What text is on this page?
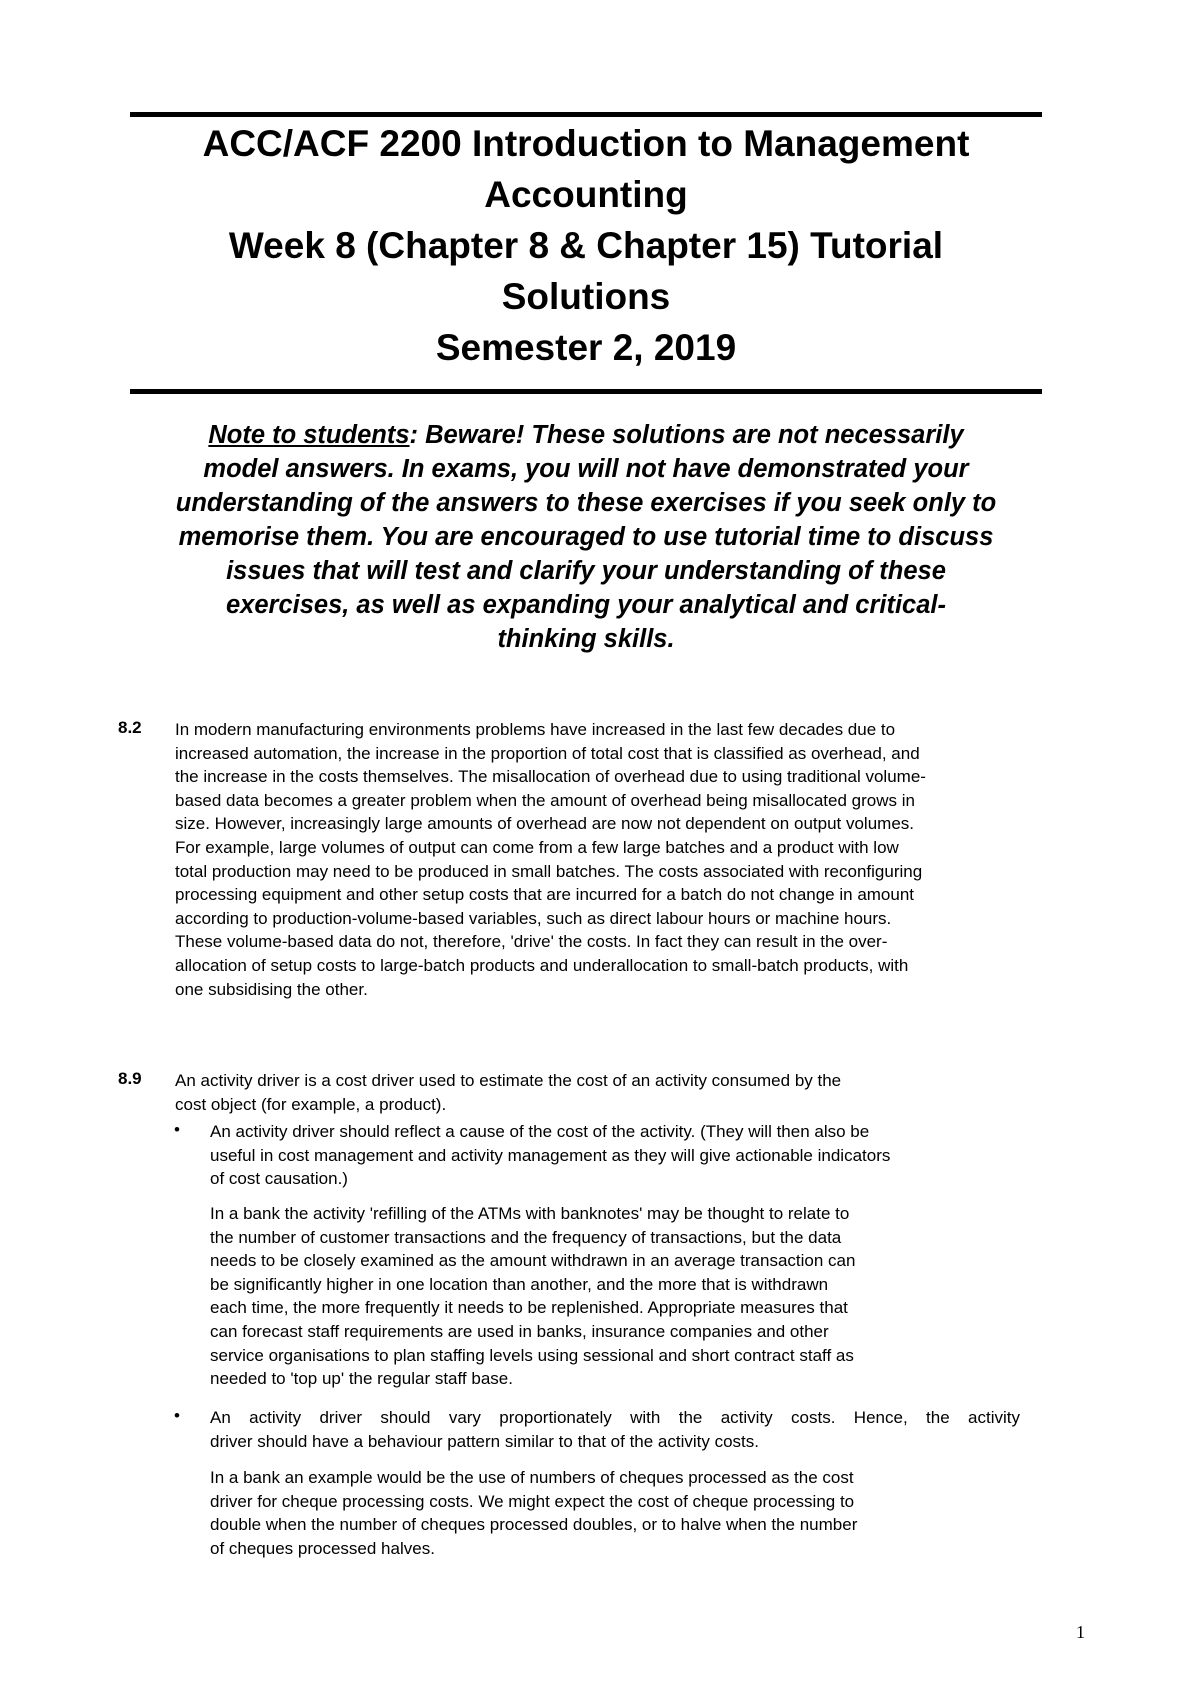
ACC/ACF 2200 Introduction to Management
Accounting
Week 8 (Chapter 8 & Chapter 15) Tutorial
Solutions
Semester 2, 2019
Note to students: Beware! These solutions are not necessarily
model answers. In exams, you will not have demonstrated your
understanding of the answers to these exercises if you seek only to
memorise them. You are encouraged to use tutorial time to discuss
issues that will test and clarify your understanding of these
exercises, as well as expanding your analytical and critical-
thinking skills.
8.2 In modern manufacturing environments problems have increased in the last few decades due to
increased automation, the increase in the proportion of total cost that is classified as overhead, and
the increase in the costs themselves. The misallocation of overhead due to using traditional volume-
based data becomes a greater problem when the amount of overhead being misallocated grows in
size. However, increasingly large amounts of overhead are now not dependent on output volumes.
For example, large volumes of output can come from a few large batches and a product with low
total production may need to be produced in small batches. The costs associated with reconfiguring
processing equipment and other setup costs that are incurred for a batch do not change in amount
according to production-volume-based variables, such as direct labour hours or machine hours.
These volume-based data do not, therefore, 'drive' the costs. In fact they can result in the over-
allocation of setup costs to large-batch products and underallocation to small-batch products, with
one subsidising the other.
8.9 An activity driver is a cost driver used to estimate the cost of an activity consumed by the
cost object (for example, a product).
• An activity driver should reflect a cause of the cost of the activity. (They will then also be
useful in cost management and activity management as they will give actionable indicators
of cost causation.)
In a bank the activity 'refilling of the ATMs with banknotes' may be thought to relate to
the number of customer transactions and the frequency of transactions, but the data
needs to be closely examined as the amount withdrawn in an average transaction can
be significantly higher in one location than another, and the more that is withdrawn
each time, the more frequently it needs to be replenished. Appropriate measures that
can forecast staff requirements are used in banks, insurance companies and other
service organisations to plan staffing levels using sessional and short contract staff as
needed to 'top up' the regular staff base.
• An activity driver should vary proportionately with the activity costs. Hence, the activity
driver should have a behaviour pattern similar to that of the activity costs.
In a bank an example would be the use of numbers of cheques processed as the cost
driver for cheque processing costs. We might expect the cost of cheque processing to
double when the number of cheques processed doubles, or to halve when the number
of cheques processed halves.
1
